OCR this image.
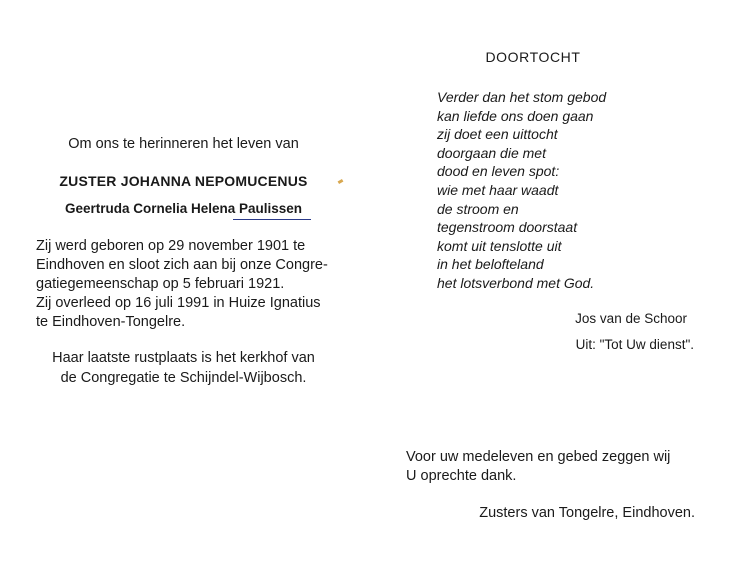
Om ons te herinneren het leven van
ZUSTER JOHANNA NEPOMUCENUS
Geertruda Cornelia Helena Paulissen
Zij werd geboren op 29 november 1901 te
Eindhoven en sloot zich aan bij onze Congre-
gatiegemeenschap op 5 februari 1921.
Zij overleed op 16 juli 1991 in Huize Ignatius
te Eindhoven-Tongelre.
Haar laatste rustplaats is het kerkhof van
de Congregatie te Schijndel-Wijbosch.
DOORTOCHT
Verder dan het stom gebod
kan liefde ons doen gaan
zij doet een uittocht
doorgaan die met
dood en leven spot:
wie met haar waadt
de stroom en
tegenstroom doorstaat
komt uit tenslotte uit
in het belofteland
het lotsverbond met God.
Jos van de Schoor
Uit: "Tot Uw dienst".
Voor uw medeleven en gebed zeggen wij
U oprechte dank.
Zusters van Tongelre, Eindhoven.
